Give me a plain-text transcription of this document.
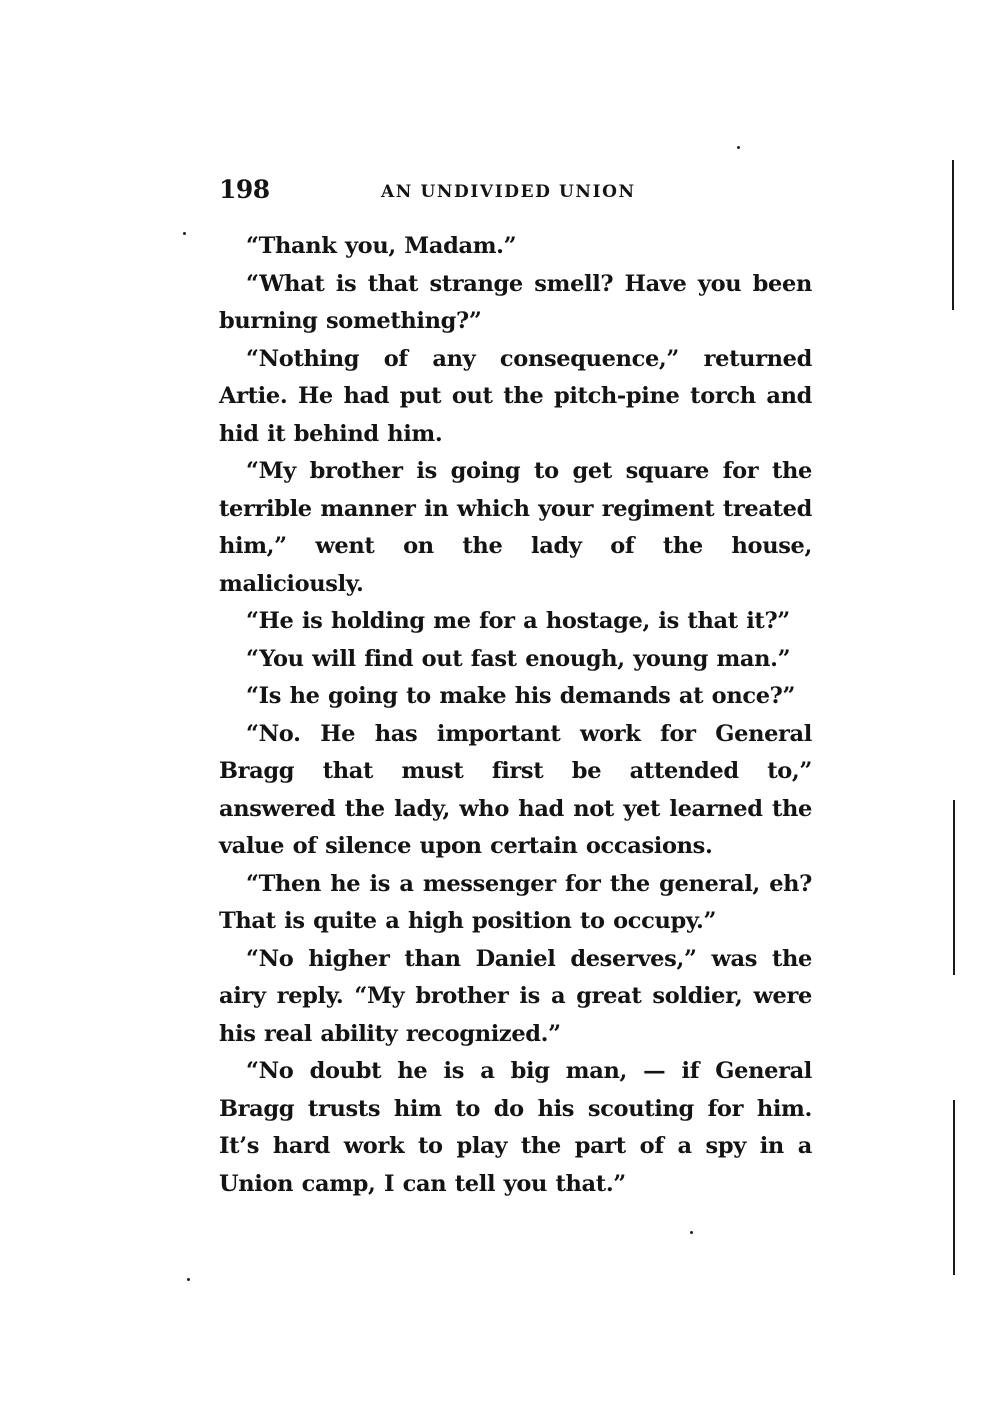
198	AN UNDIVIDED UNION

“Thank you, Madam.”

“What is that strange smell? Have you been burning something?”

“Nothing of any consequence,” returned Artie. He had put out the pitch-pine torch and hid it behind him.

“My brother is going to get square for the terrible manner in which your regiment treated him,” went on the lady of the house, maliciously.

“He is holding me for a hostage, is that it?”

“You will find out fast enough, young man.”

“Is he going to make his demands at once?”

“No. He has important work for General Bragg that must first be attended to,” answered the lady, who had not yet learned the value of silence upon certain occasions.

“Then he is a messenger for the general, eh? That is quite a high position to occupy.”

“No higher than Daniel deserves,” was the airy reply. “My brother is a great soldier, were his real ability recognized.”

“No doubt he is a big man, — if General Bragg trusts him to do his scouting for him. It’s hard work to play the part of a spy in a Union camp, I can tell you that.”
